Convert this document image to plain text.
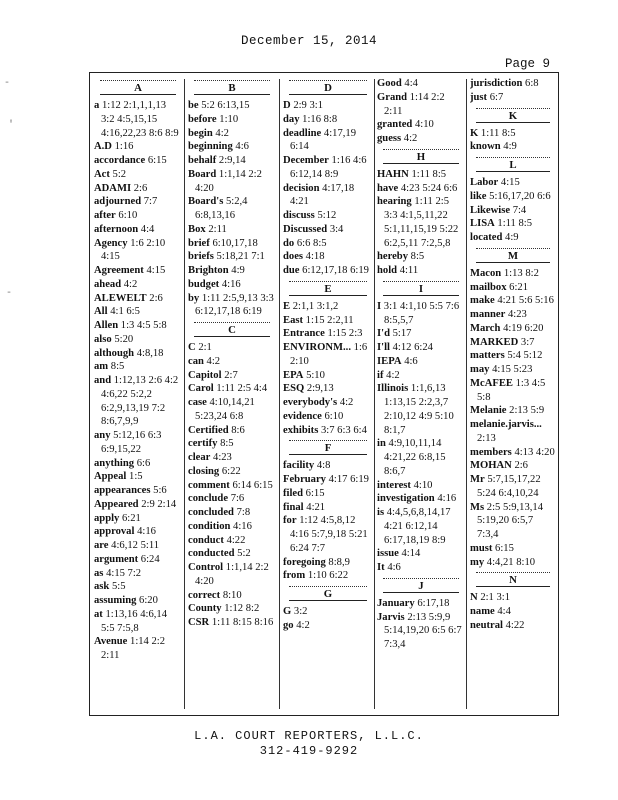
December 15, 2014
Page 9
-
'
-
A
a 1:12 2:1,1,1,13 3:2 4:5,15,15 4:16,22,23 8:6 8:9
A.D 1:16
accordance 6:15
Act 5:2
ADAMI 2:6
adjourned 7:7
after 6:10
afternoon 4:4
Agency 1:6 2:10 4:15
Agreement 4:15
ahead 4:2
ALEWELT 2:6
All 4:1 6:5
Allen 1:3 4:5 5:8
also 5:20
although 4:8,18
am 8:5
and 1:12,13 2:6 4:2 4:6,22 5:2,2 6:2,9,13,19 7:2 8:6,7,9,9
any 5:12,16 6:3 6:9,15,22
anything 6:6
Appeal 1:5
appearances 5:6
Appeared 2:9 2:14
apply 6:21
approval 4:16
are 4:6,12 5:11
argument 6:24
as 4:15 7:2
ask 5:5
assuming 6:20
at 1:13,16 4:6,14 5:5 7:5,8
Avenue 1:14 2:2 2:11
B
be 5:2 6:13,15
before 1:10
begin 4:2
beginning 4:6
behalf 2:9,14
Board 1:1,14 2:2 4:20
Board's 5:2,4 6:8,13,16
Box 2:11
brief 6:10,17,18
briefs 5:18,21 7:1
Brighton 4:9
budget 4:16
by 1:11 2:5,9,13 3:3 6:12,17,18 6:19
C
C 2:1
can 4:2
Capitol 2:7
Carol 1:11 2:5 4:4
case 4:10,14,21 5:23,24 6:8
Certified 8:6
certify 8:5
clear 4:23
closing 6:22
comment 6:14 6:15
conclude 7:6
concluded 7:8
condition 4:16
conduct 4:22
conducted 5:2
Control 1:1,14 2:2 4:20
correct 8:10
County 1:12 8:2
CSR 1:11 8:15 8:16
D
D 2:9 3:1
day 1:16 8:8
deadline 4:17,19 6:14
December 1:16 4:6 6:12,14 8:9
decision 4:17,18 4:21
discuss 5:12
Discussed 3:4
do 6:6 8:5
does 4:18
due 6:12,17,18 6:19
E
E 2:1,1 3:1,2
East 1:15 2:2,11
Entrance 1:15 2:3
ENVIRONM... 1:6 2:10
EPA 5:10
ESQ 2:9,13
everybody's 4:2
evidence 6:10
exhibits 3:7 6:3 6:4
F
facility 4:8
February 4:17 6:19
filed 6:15
final 4:21
for 1:12 4:5,8,12 4:16 5:7,9,18 5:21 6:24 7:7
foregoing 8:8,9
from 1:10 6:22
G
G 3:2
go 4:2
Good 4:4
Grand 1:14 2:2 2:11
granted 4:10
guess 4:2
H
HAHN 1:11 8:5
have 4:23 5:24 6:6
hearing 1:11 2:5 3:3 4:1,5,11,22 5:1,11,15,19 5:22 6:2,5,11 7:2,5,8
hereby 8:5
hold 4:11
I
I 3:1 4:1,10 5:5 7:6 8:5,5,7
I'd 5:17
I'll 4:12 6:24
IEPA 4:6
if 4:2
Illinois 1:1,6,13 1:13,15 2:2,3,7 2:10,12 4:9 5:10 8:1,7
in 4:9,10,11,14 4:21,22 6:8,15 8:6,7
interest 4:10
investigation 4:16
is 4:4,5,6,8,14,17 4:21 6:12,14 6:17,18,19 8:9
issue 4:14
It 4:6
J
January 6:17,18
Jarvis 2:13 5:9,9 5:14,19,20 6:5 6:7 7:3,4
jurisdiction 6:8
just 6:7
K
K 1:11 8:5
known 4:9
L
Labor 4:15
like 5:16,17,20 6:6
Likewise 7:4
LISA 1:11 8:5
located 4:9
M
Macon 1:13 8:2
mailbox 6:21
make 4:21 5:6 5:16
manner 4:23
March 4:19 6:20
MARKED 3:7
matters 5:4 5:12
may 4:15 5:23
McAFEE 1:3 4:5 5:8
Melanie 2:13 5:9
melanie.jarvis... 2:13
members 4:13 4:20
MOHAN 2:6
Mr 5:7,15,17,22 5:24 6:4,10,24
Ms 2:5 5:9,13,14 5:19,20 6:5,7 7:3,4
must 6:15
my 4:4,21 8:10
N
N 2:1 3:1
name 4:4
neutral 4:22
L.A. COURT REPORTERS, L.L.C.
312-419-9292
